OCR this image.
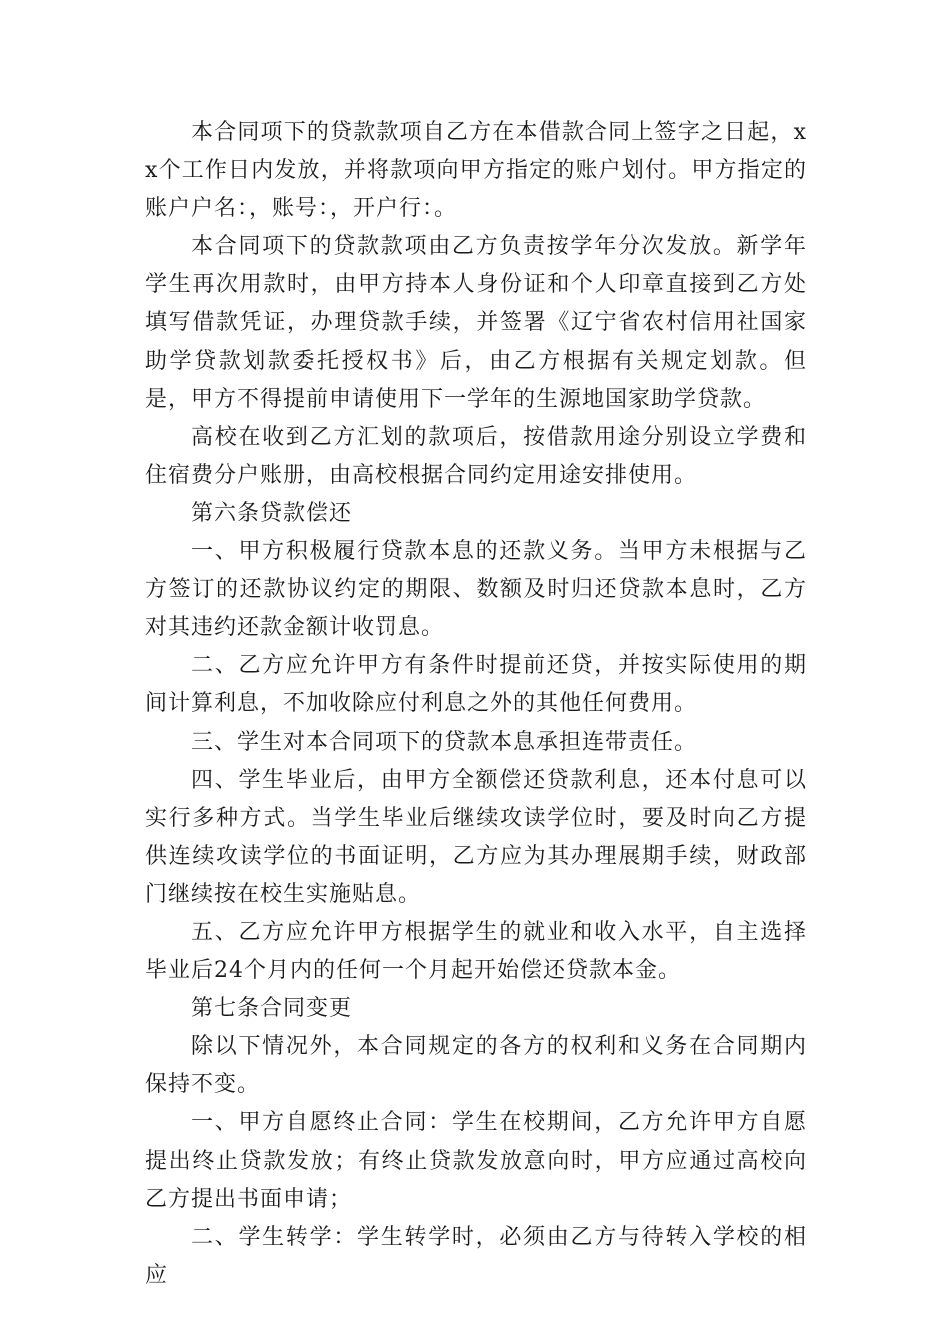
本合同项下的贷款款项自乙方在本借款合同上签字之日起，xx个工作日内发放，并将款项向甲方指定的账户划付。甲方指定的账户户名：，账号：，开户行：。

本合同项下的贷款款项由乙方负责按学年分次发放。新学年学生再次用款时，由甲方持本人身份证和个人印章直接到乙方处填写借款凭证，办理贷款手续，并签署《辽宁省农村信用社国家助学贷款划款委托授权书》后，由乙方根据有关规定划款。但是，甲方不得提前申请使用下一学年的生源地国家助学贷款。

高校在收到乙方汇划的款项后，按借款用途分别设立学费和住宿费分户账册，由高校根据合同约定用途安排使用。

第六条贷款偿还

一、甲方积极履行贷款本息的还款义务。当甲方未根据与乙方签订的还款协议约定的期限、数额及时归还贷款本息时，乙方对其违约还款金额计收罚息。

二、乙方应允许甲方有条件时提前还贷，并按实际使用的期间计算利息，不加收除应付利息之外的其他任何费用。

三、学生对本合同项下的贷款本息承担连带责任。

四、学生毕业后，由甲方全额偿还贷款利息，还本付息可以实行多种方式。当学生毕业后继续攻读学位时，要及时向乙方提供连续攻读学位的书面证明，乙方应为其办理展期手续，财政部门继续按在校生实施贴息。

五、乙方应允许甲方根据学生的就业和收入水平，自主选择毕业后24个月内的任何一个月起开始偿还贷款本金。

第七条合同变更

除以下情况外，本合同规定的各方的权利和义务在合同期内保持不变。

一、甲方自愿终止合同：学生在校期间，乙方允许甲方自愿提出终止贷款发放；有终止贷款发放意向时，甲方应通过高校向乙方提出书面申请；

二、学生转学：学生转学时，必须由乙方与待转入学校的相应
